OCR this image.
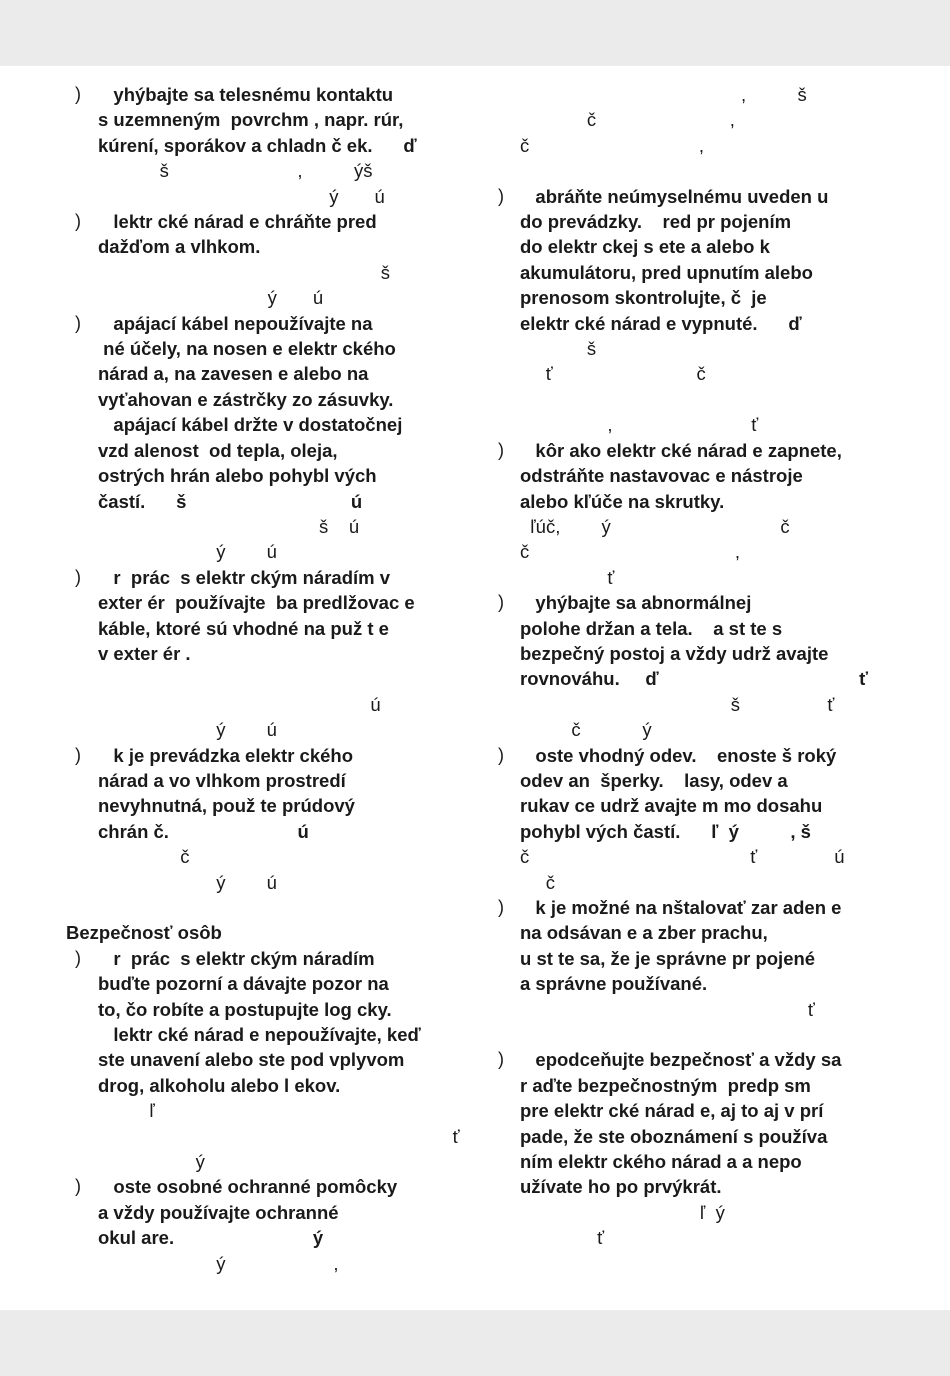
) yhýbajte sa telesnému kontaktu
s uzemneným  povrchm , napr. rúr,
kúrení, sporákov a chladn č ek.      ď
š                         ,          ýš
ý       ú
) lektr cké nárad e chráňte pred
dažďom a vlhkom.
š
ý       ú
) apájací kábel nepoužívajte na
né účely, na nosen e elektr ckého
nárad a, na zavesen e alebo na
vyťahovan e zástrčky zo zásuvky.
apájací kábel držte v dostatočnej
vzd alenost  od tepla, oleja,
ostrých hrán alebo pohybl vých
častí.      š                                ú
š    ú
ý        ú
) r  prác  s elektr ckým náradím v
exter ér  používajte  ba predlžovac e
káble, ktoré sú vhodné na puž t e
v exter ér .

ú
ý        ú
) k je prevádzka elektr ckého
nárad a vo vlhkom prostredí
nevyhnutná, použ te prúdový
chrán č.                         ú
č
ý        ú
Bezpečnosť osôb
) r  prác  s elektr ckým náradím
buďte pozorní a dávajte pozor na
to, čo robíte a postupujte log cky.
lektr cké nárad e nepoužívajte, keď
ste unavení alebo ste pod vplyvom
drog, alkoholu alebo l ekov.
ľ
ť
ý
) oste osobné ochranné pomôcky
a vždy používajte ochranné
okul are.                           ý
ý                     ,
,          š
č                          ,
č                                 ,

) abráňte neúmyselnému uveden u
do prevádzky.    red pr pojením
do elektr ckej s ete a alebo k
akumulátoru, pred upnutím alebo
prenosom skontrolujte, č  je
elektr cké nárad e vypnuté.      ď
š
ť                            č

,                           ť
) kôr ako elektr cké nárad e zapnete,
odstráňte nastavovac e nástroje
alebo kľúče na skrutky.
ľúč,        ý                                 č
č                                        ,
ť
) yhýbajte sa abnormálnej
polohe držan a tela.    a st te s
bezpečný postoj a vždy udrž avajte
rovnováhu.     ď                                       ť
š                 ť
č            ý
) oste vhodný odev.    enoste š roký
odev an  šperky.    lasy, odev a
rukav ce udrž avajte m mo dosahu
pohybl vých častí.      ľ  ý          , š
č                                           ť               ú
č
) k je možné na nštalovať zar aden e
na odsávan e a zber prachu,
u st te sa, že je správne pr pojené
a správne používané.
ť

) epodceňujte bezpečnosť a vždy sa
r aďte bezpečnostným  predp sm
pre elektr cké nárad e, aj to aj v prí
pade, že ste oboznámení s používa
ním elektr ckého nárad a a nepo
užívate ho po prvýkrát.
ľ  ý
ť
